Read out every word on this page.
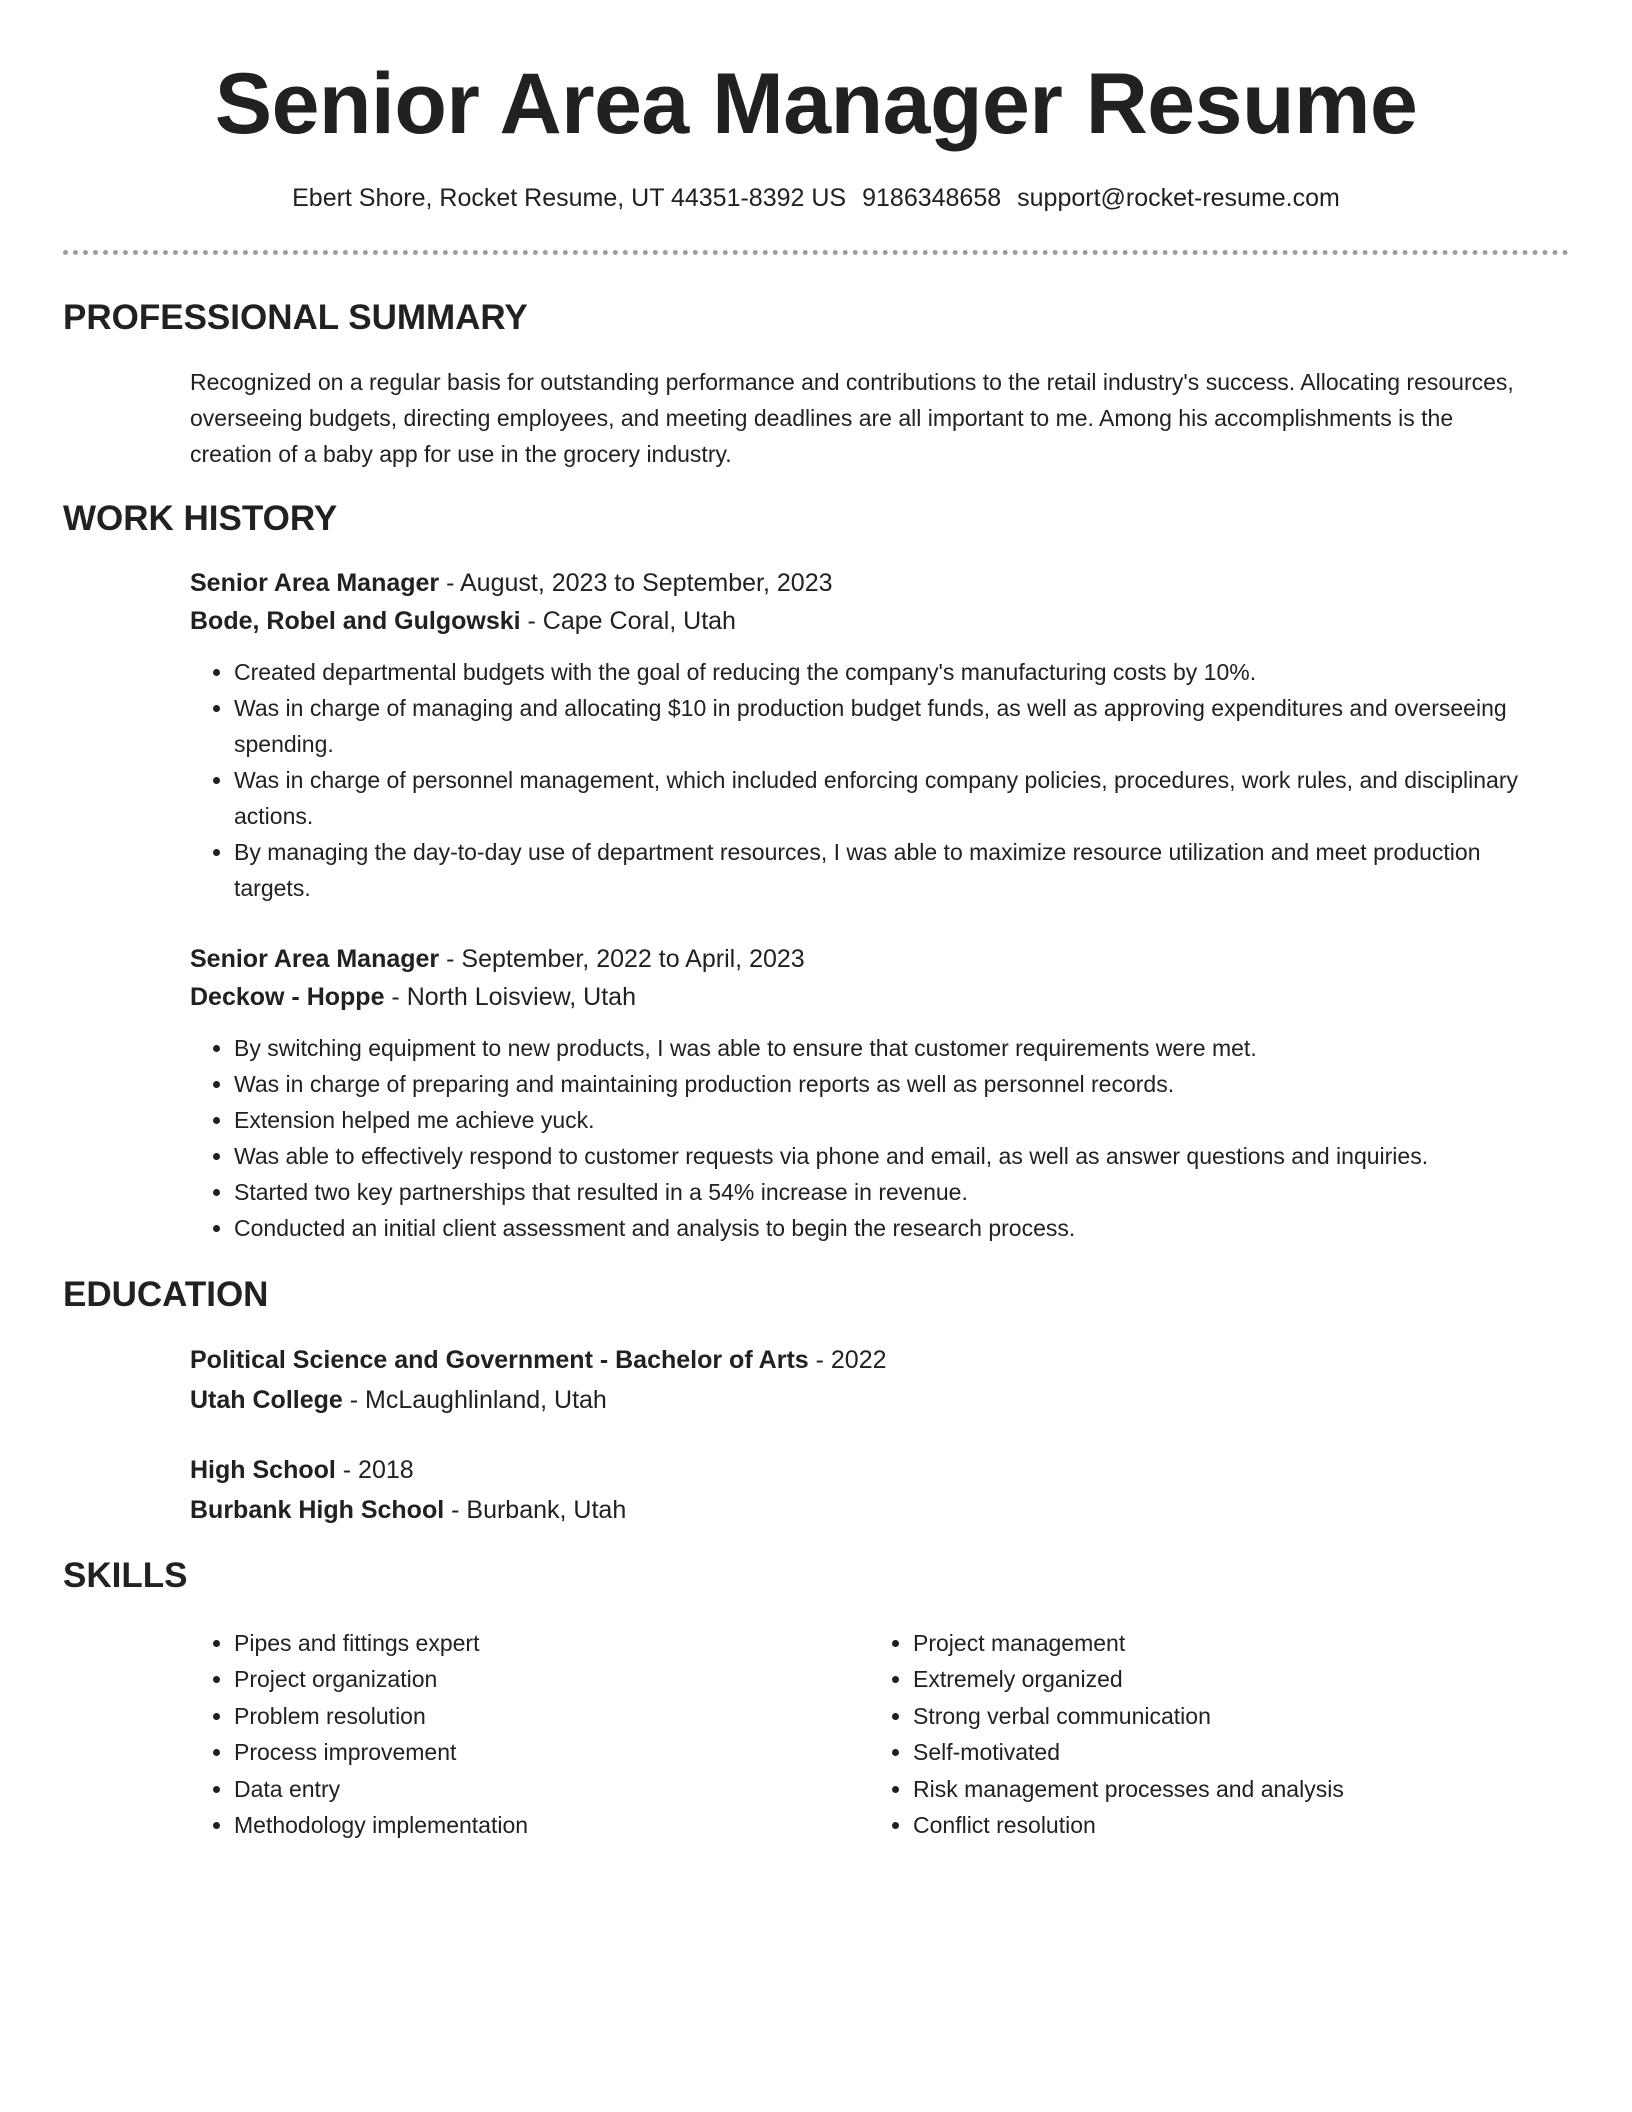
Senior Area Manager Resume
Ebert Shore, Rocket Resume, UT 44351-8392 US 9186348658 support@rocket-resume.com
PROFESSIONAL SUMMARY

Recognized on a regular basis for outstanding performance and contributions to the retail industry's success. Allocating resources, overseeing budgets, directing employees, and meeting deadlines are all important to me. Among his accomplishments is the creation of a baby app for use in the grocery industry.

WORK HISTORY
Senior Area Manager - August, 2023 to September, 2023
Bode, Robel and Gulgowski - Cape Coral, Utah
• Created departmental budgets with the goal of reducing the company's manufacturing costs by 10%.
• Was in charge of managing and allocating $10 in production budget funds, as well as approving expenditures and overseeing spending.
• Was in charge of personnel management, which included enforcing company policies, procedures, work rules, and disciplinary actions.
• By managing the day-to-day use of department resources, I was able to maximize resource utilization and meet production targets.
Senior Area Manager - September, 2022 to April, 2023
Deckow - Hoppe - North Loisview, Utah
• By switching equipment to new products, I was able to ensure that customer requirements were met.
• Was in charge of preparing and maintaining production reports as well as personnel records.
• Extension helped me achieve yuck.
• Was able to effectively respond to customer requests via phone and email, as well as answer questions and inquiries.
• Started two key partnerships that resulted in a 54% increase in revenue.
• Conducted an initial client assessment and analysis to begin the research process.
EDUCATION
Political Science and Government - Bachelor of Arts - 2022
Utah College - McLaughlinland, Utah
High School - 2018
Burbank High School - Burbank, Utah
SKILLS
• Pipes and fittings expert
• Project organization
• Problem resolution
• Process improvement
• Data entry
• Methodology implementation
• Project management
• Extremely organized
• Strong verbal communication
• Self-motivated
• Risk management processes and analysis
• Conflict resolution
